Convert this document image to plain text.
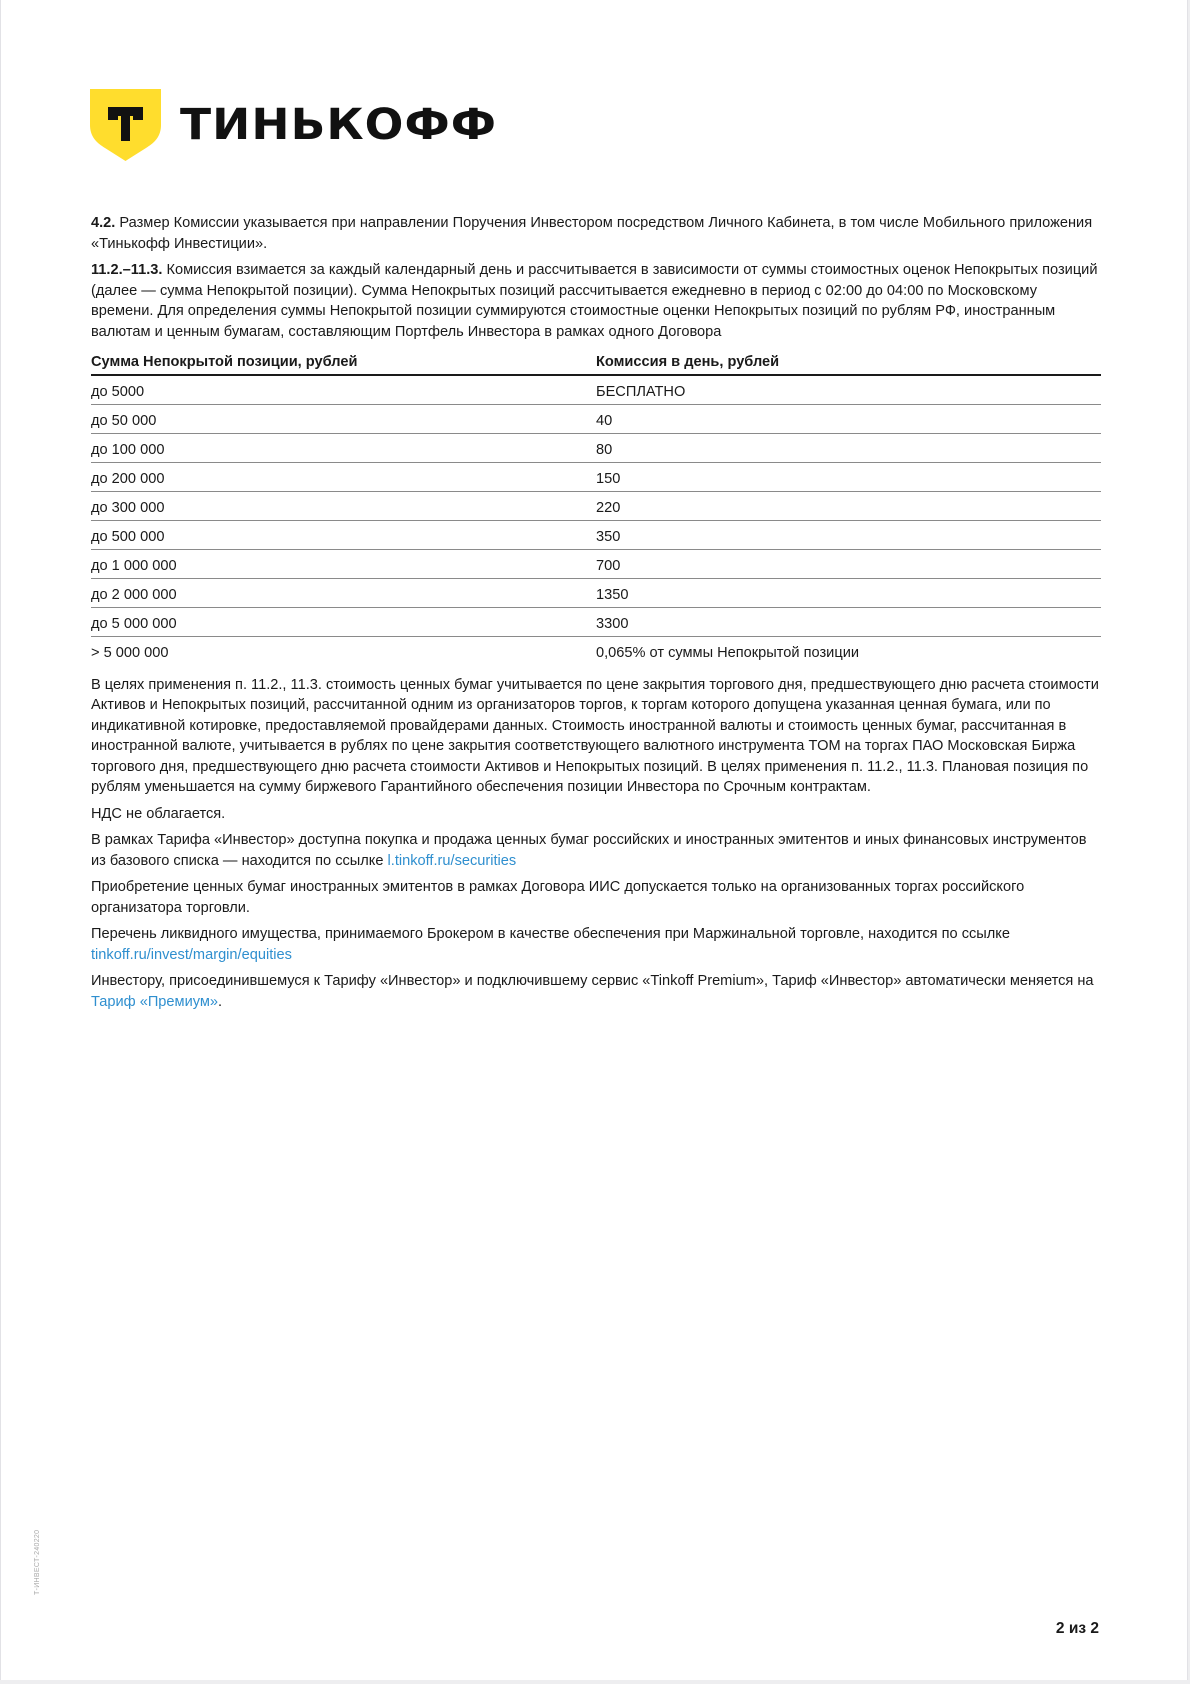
ТИНЬКОФФ

4.2. Размер Комиссии указывается при направлении Поручения Инвестором посредством Личного Кабинета, в том числе Мобильного приложения «Тинькофф Инвестиции».

11.2.–11.3. Комиссия взимается за каждый календарный день и рассчитывается в зависимости от суммы стоимостных оценок Непокрытых позиций (далее — сумма Непокрытой позиции). Сумма Непокрытых позиций рассчитывается ежедневно в период с 02:00 до 04:00 по Московскому времени. Для определения суммы Непокрытой позиции суммируются стоимостные оценки Непокрытых позиций по рублям РФ, иностранным валютам и ценным бумагам, составляющим Портфель Инвестора в рамках одного Договора

Сумма Непокрытой позиции, рублей	Комиссия в день, рублей
до 5000	БЕСПЛАТНО
до 50 000	40
до 100 000	80
до 200 000	150
до 300 000	220
до 500 000	350
до 1 000 000	700
до 2 000 000	1350
до 5 000 000	3300
> 5 000 000	0,065% от суммы Непокрытой позиции

В целях применения п. 11.2., 11.3. стоимость ценных бумаг учитывается по цене закрытия торгового дня, предшествующего дню расчета стоимости Активов и Непокрытых позиций, рассчитанной одним из организаторов торгов, к торгам которого допущена указанная ценная бумага, или по индикативной котировке, предоставляемой провайдерами данных. Стоимость иностранной валюты и стоимость ценных бумаг, рассчитанная в иностранной валюте, учитывается в рублях по цене закрытия соответствующего валютного инструмента TOM на торгах ПАО Московская Биржа торгового дня, предшествующего дню расчета стоимости Активов и Непокрытых позиций. В целях применения п. 11.2., 11.3. Плановая позиция по рублям уменьшается на сумму биржевого Гарантийного обеспечения позиции Инвестора по Срочным контрактам.

НДС не облагается.

В рамках Тарифа «Инвестор» доступна покупка и продажа ценных бумаг российских и иностранных эмитентов и иных финансовых инструментов из базового списка — находится по ссылке l.tinkoff.ru/securities

Приобретение ценных бумаг иностранных эмитентов в рамках Договора ИИС допускается только на организованных торгах российского организатора торговли.

Перечень ликвидного имущества, принимаемого Брокером в качестве обеспечения при Маржинальной торговле, находится по ссылке tinkoff.ru/invest/margin/equities

Инвестору, присоединившемуся к Тарифу «Инвестор» и подключившему сервис «Tinkoff Premium», Тариф «Инвестор» автоматически меняется на Тариф «Премиум».

Т-ИНВЕСТ-240220
2 из 2
